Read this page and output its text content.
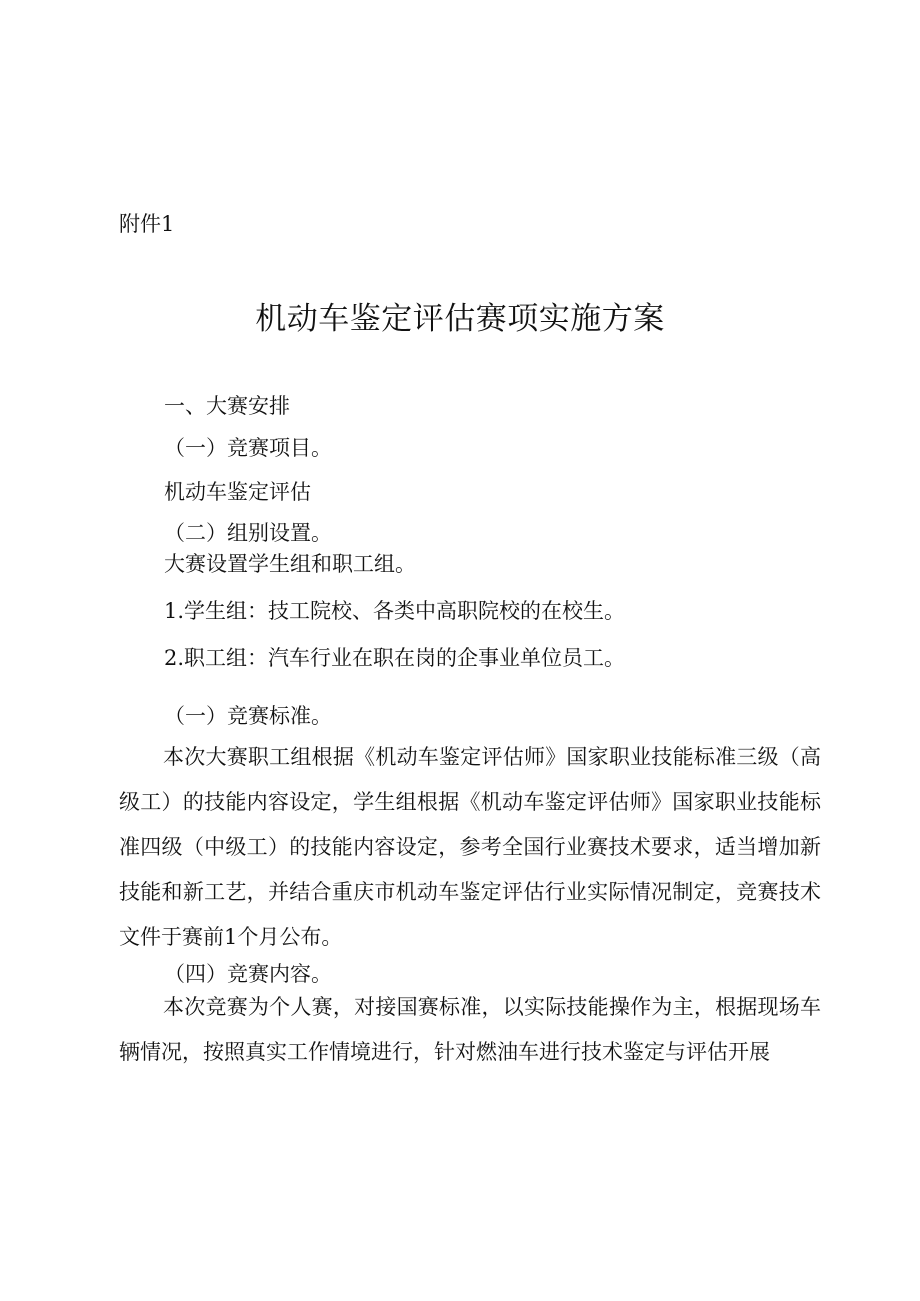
附件1

机动车鉴定评估赛项实施方案

一、大赛安排

（一）竞赛项目。

机动车鉴定评估

（二）组别设置。

大赛设置学生组和职工组。

1.学生组：技工院校、各类中高职院校的在校生。

2.职工组：汽车行业在职在岗的企事业单位员工。

（一）竞赛标准。

本次大赛职工组根据《机动车鉴定评估师》国家职业技能标准三级（高级工）的技能内容设定，学生组根据《机动车鉴定评估师》国家职业技能标准四级（中级工）的技能内容设定，参考全国行业赛技术要求，适当增加新技能和新工艺，并结合重庆市机动车鉴定评估行业实际情况制定，竞赛技术文件于赛前1个月公布。

（四）竞赛内容。

本次竞赛为个人赛，对接国赛标准，以实际技能操作为主，根据现场车辆情况，按照真实工作情境进行，针对燃油车进行技术鉴定与评估开展
